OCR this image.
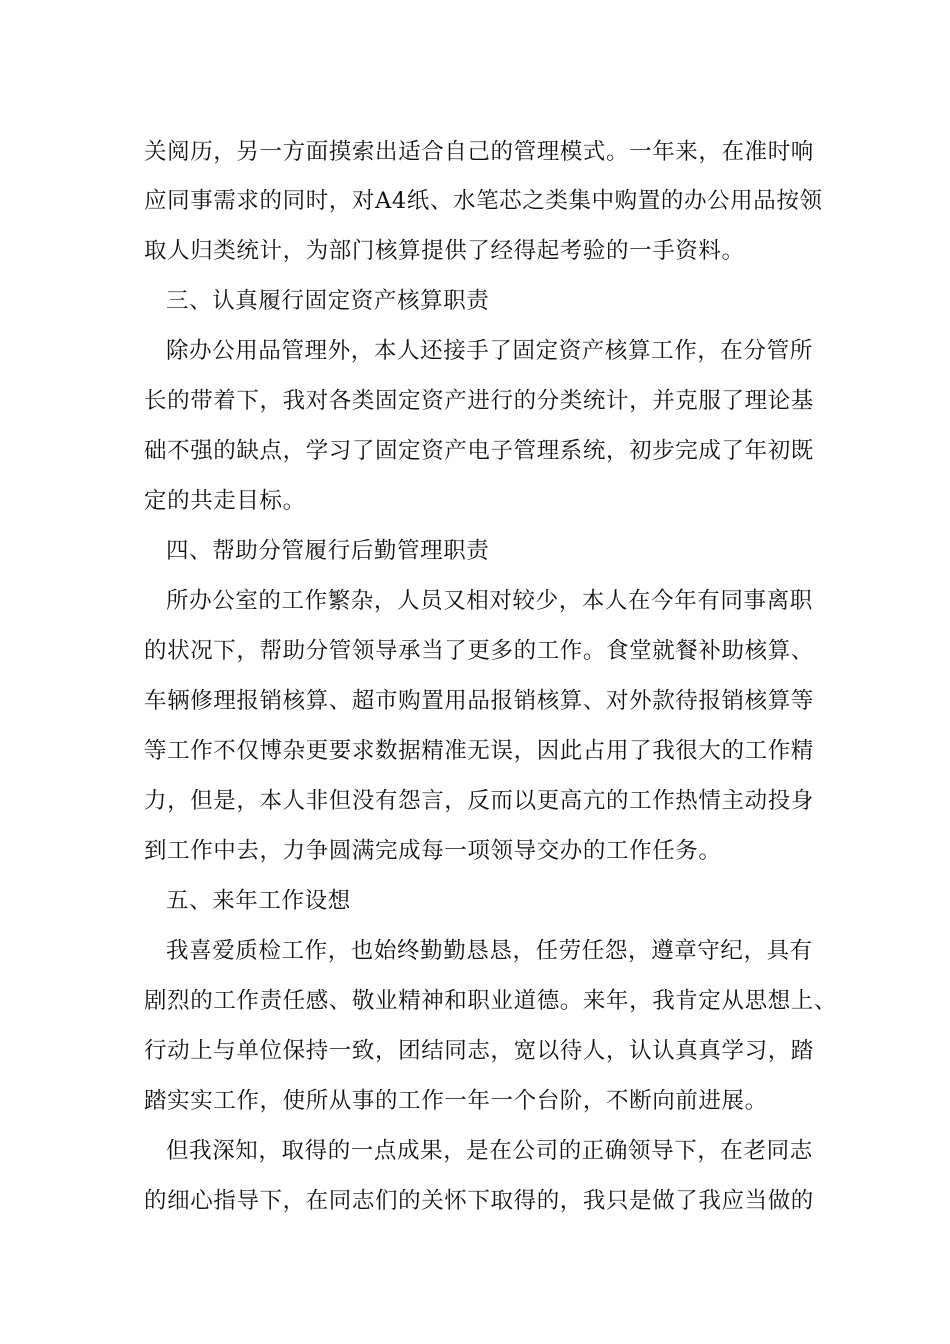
关阅历，另一方面摸索出适合自己的管理模式。一年来，在准时响
应同事需求的同时，对A4纸、水笔芯之类集中购置的办公用品按领
取人归类统计，为部门核算提供了经得起考验的一手资料。
三、认真履行固定资产核算职责
除办公用品管理外，本人还接手了固定资产核算工作，在分管所
长的带着下，我对各类固定资产进行的分类统计，并克服了理论基
础不强的缺点，学习了固定资产电子管理系统，初步完成了年初既
定的共走目标。
四、帮助分管履行后勤管理职责
所办公室的工作繁杂，人员又相对较少，本人在今年有同事离职
的状况下，帮助分管领导承当了更多的工作。食堂就餐补助核算、
车辆修理报销核算、超市购置用品报销核算、对外款待报销核算等
等工作不仅博杂更要求数据精准无误，因此占用了我很大的工作精
力，但是，本人非但没有怨言，反而以更高亢的工作热情主动投身
到工作中去，力争圆满完成每一项领导交办的工作任务。
五、来年工作设想
我喜爱质检工作，也始终勤勤恳恳，任劳任怨，遵章守纪，具有
剧烈的工作责任感、敬业精神和职业道德。来年，我肯定从思想上、
行动上与单位保持一致，团结同志，宽以待人，认认真真学习，踏
踏实实工作，使所从事的工作一年一个台阶，不断向前进展。
但我深知，取得的一点成果，是在公司的正确领导下，在老同志
的细心指导下，在同志们的关怀下取得的，我只是做了我应当做的
